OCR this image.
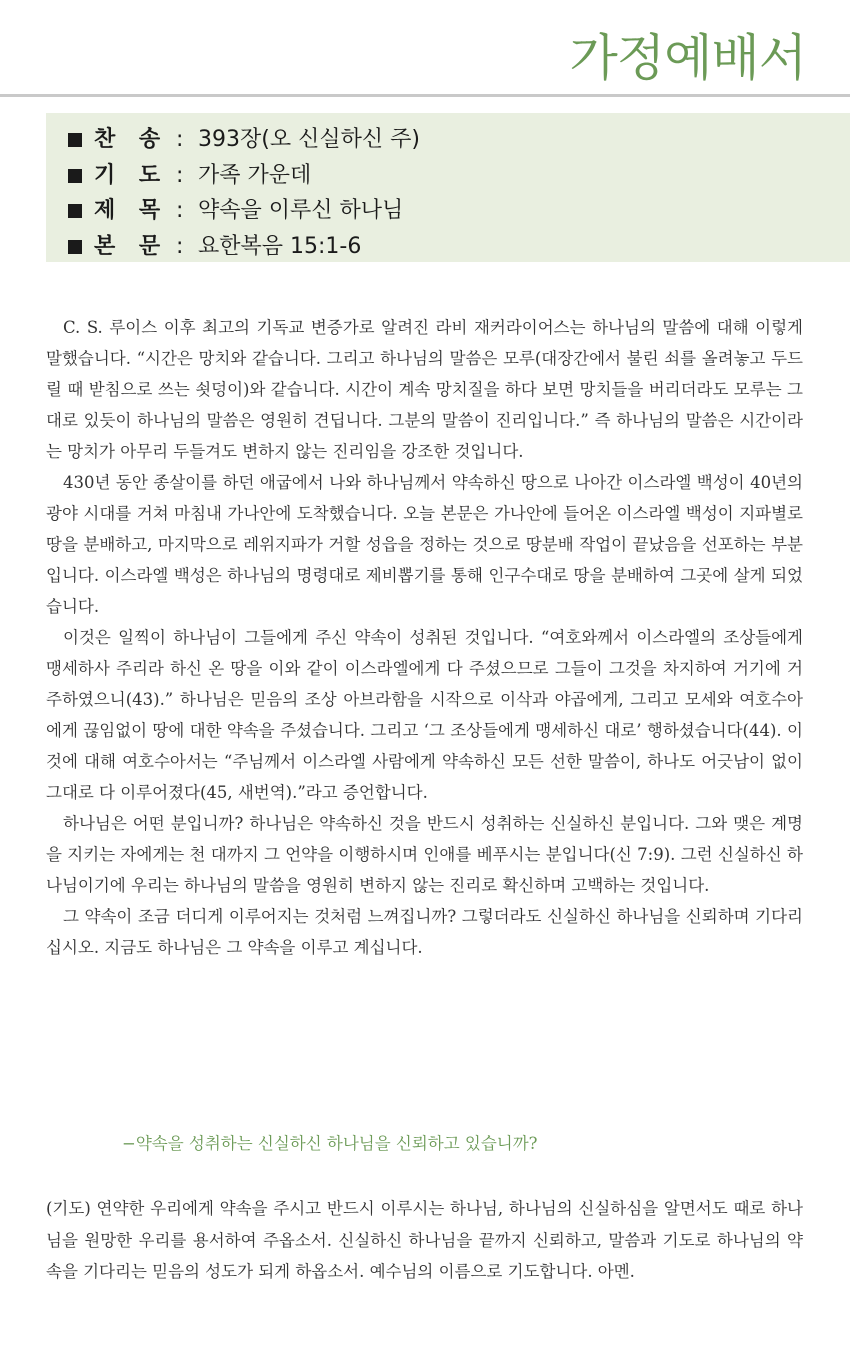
가정예배서
찬 송 : 393장(오 신실하신 주)
기 도 : 가족 가운데
제 목 : 약속을 이루신 하나님
본 문 : 요한복음 15:1-6

C. S. 루이스 이후 최고의 기독교 변증가로 알려진 라비 재커라이어스는 하나님의 말씀에 대해 이렇게 말했습니다. “시간은 망치와 같습니다. 그리고 하나님의 말씀은 모루(대장간에서 불린 쇠를 올려놓고 두드릴 때 받침으로 쓰는 쇳덩이)와 같습니다. 시간이 계속 망치질을 하다 보면 망치들을 버리더라도 모루는 그대로 있듯이 하나님의 말씀은 영원히 견딥니다. 그분의 말씀이 진리입니다.” 즉 하나님의 말씀은 시간이라는 망치가 아무리 두들겨도 변하지 않는 진리임을 강조한 것입니다.

430년 동안 종살이를 하던 애굽에서 나와 하나님께서 약속하신 땅으로 나아간 이스라엘 백성이 40년의 광야 시대를 거쳐 마침내 가나안에 도착했습니다. 오늘 본문은 가나안에 들어온 이스라엘 백성이 지파별로 땅을 분배하고, 마지막으로 레위지파가 거할 성읍을 정하는 것으로 땅분배 작업이 끝났음을 선포하는 부분입니다. 이스라엘 백성은 하나님의 명령대로 제비뽑기를 통해 인구수대로 땅을 분배하여 그곳에 살게 되었습니다.

이것은 일찍이 하나님이 그들에게 주신 약속이 성취된 것입니다. “여호와께서 이스라엘의 조상들에게 맹세하사 주리라 하신 온 땅을 이와 같이 이스라엘에게 다 주셨으므로 그들이 그것을 차지하여 거기에 거주하였으니(43).” 하나님은 믿음의 조상 아브라함을 시작으로 이삭과 야곱에게, 그리고 모세와 여호수아에게 끊임없이 땅에 대한 약속을 주셨습니다. 그리고 ‘그 조상들에게 맹세하신 대로’ 행하셨습니다(44). 이것에 대해 여호수아서는 “주님께서 이스라엘 사람에게 약속하신 모든 선한 말씀이, 하나도 어긋남이 없이 그대로 다 이루어졌다(45, 새번역).”라고 증언합니다.

하나님은 어떤 분입니까? 하나님은 약속하신 것을 반드시 성취하는 신실하신 분입니다. 그와 맺은 계명을 지키는 자에게는 천 대까지 그 언약을 이행하시며 인애를 베푸시는 분입니다(신 7:9). 그런 신실하신 하나님이기에 우리는 하나님의 말씀을 영원히 변하지 않는 진리로 확신하며 고백하는 것입니다.

그 약속이 조금 더디게 이루어지는 것처럼 느껴집니까? 그렇더라도 신실하신 하나님을 신뢰하며 기다리십시오. 지금도 하나님은 그 약속을 이루고 계십니다.

−약속을 성취하는 신실하신 하나님을 신뢰하고 있습니까?

(기도) 연약한 우리에게 약속을 주시고 반드시 이루시는 하나님, 하나님의 신실하심을 알면서도 때로 하나님을 원망한 우리를 용서하여 주옵소서. 신실하신 하나님을 끝까지 신뢰하고, 말씀과 기도로 하나님의 약속을 기다리는 믿음의 성도가 되게 하옵소서. 예수님의 이름으로 기도합니다. 아멘.
